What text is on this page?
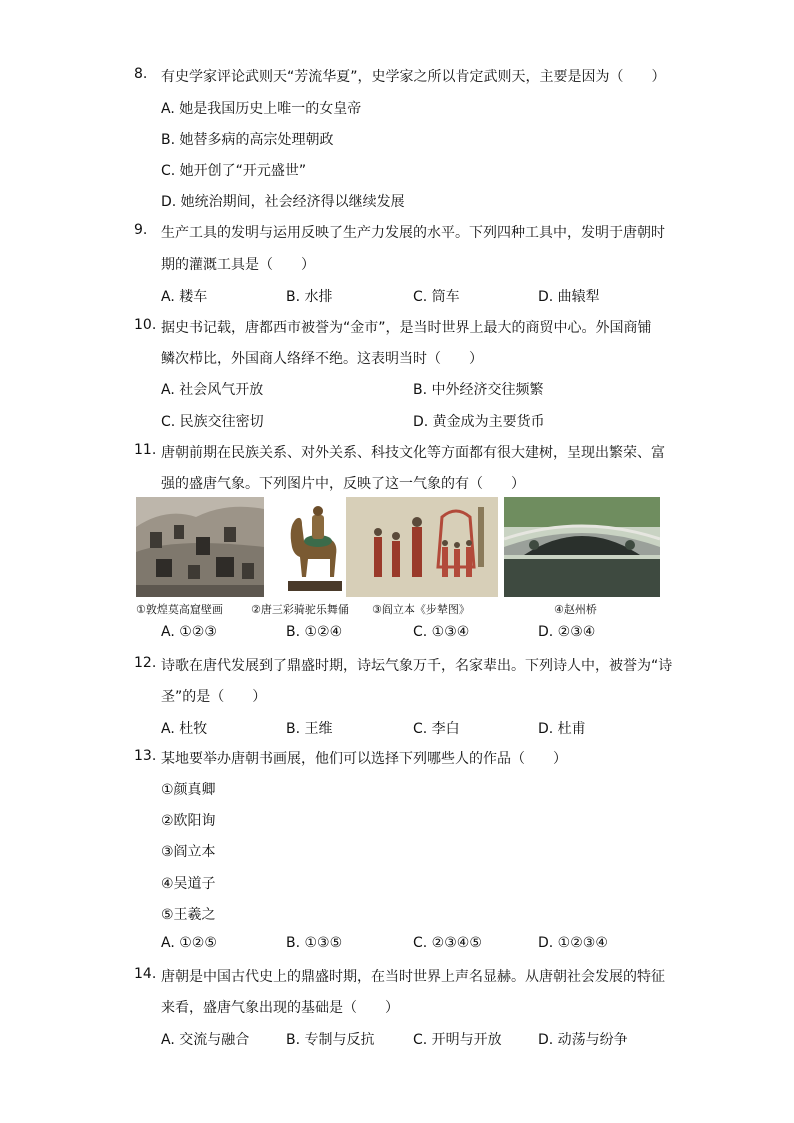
8. 有史学家评论武则天“芳流华夏”，史学家之所以肯定武则天，主要是因为（　　）
A. 她是我国历史上唯一的女皇帝
B. 她替多病的高宗处理朝政
C. 她开创了“开元盛世”
D. 她统治期间，社会经济得以继续发展
9. 生产工具的发明与运用反映了生产力发展的水平。下列四种工具中，发明于唐朝时
期的灌溉工具是（　　）
A. 耧车	B. 水排	C. 筒车	D. 曲辕犁
10. 据史书记载，唐都西市被誉为“金市”，是当时世界上最大的商贸中心。外国商铺
鳞次栉比，外国商人络绎不绝。这表明当时（　　）
A. 社会风气开放	B. 中外经济交往频繁
C. 民族交往密切	D. 黄金成为主要货币
11. 唐朝前期在民族关系、对外关系、科技文化等方面都有很大建树，呈现出繁荣、富
强的盛唐气象。下列图片中，反映了这一气象的有（　　）
①敦煌莫高窟壁画	②唐三彩骑驼乐舞俑 ③阎立本《步辇图》	④赵州桥
A. ①②③	B. ①②④	C. ①③④	D. ②③④
12. 诗歌在唐代发展到了鼎盛时期，诗坛气象万千，名家辈出。下列诗人中，被誉为“诗
圣”的是（　　）
A. 杜牧	B. 王维	C. 李白	D. 杜甫
13. 某地要举办唐朝书画展，他们可以选择下列哪些人的作品（　　）
①颜真卿
②欧阳询
③阎立本
④吴道子
⑤王羲之
A. ①②⑤	B. ①③⑤	C. ②③④⑤	D. ①②③④
14. 唐朝是中国古代史上的鼎盛时期，在当时世界上声名显赫。从唐朝社会发展的特征
来看，盛唐气象出现的基础是（　　）
A. 交流与融合	B. 专制与反抗	C. 开明与开放	D. 动荡与纷争
